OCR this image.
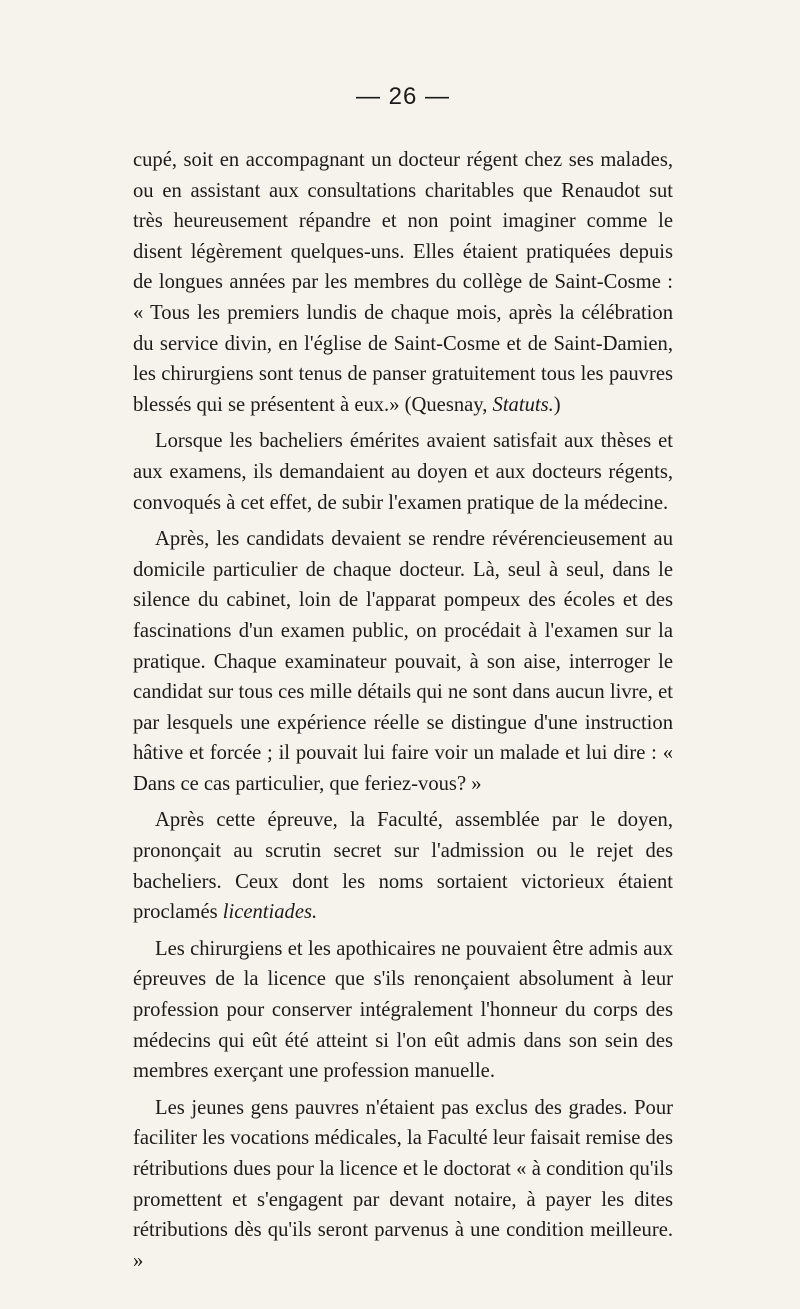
— 26 —

cupé, soit en accompagnant un docteur régent chez ses malades, ou en assistant aux consultations charitables que Renaudot sut très heureusement répandre et non point imaginer comme le disent légèrement quelques-uns. Elles étaient pratiquées depuis de longues années par les membres du collège de Saint-Cosme : « Tous les premiers lundis de chaque mois, après la célébration du service divin, en l'église de Saint-Cosme et de Saint-Damien, les chirurgiens sont tenus de panser gratuitement tous les pauvres blessés qui se présentent à eux.» (Quesnay, Statuts.)

Lorsque les bacheliers émérites avaient satisfait aux thèses et aux examens, ils demandaient au doyen et aux docteurs régents, convoqués à cet effet, de subir l'examen pratique de la médecine.

Après, les candidats devaient se rendre révérencieusement au domicile particulier de chaque docteur. Là, seul à seul, dans le silence du cabinet, loin de l'apparat pompeux des écoles et des fascinations d'un examen public, on procédait à l'examen sur la pratique. Chaque examinateur pouvait, à son aise, interroger le candidat sur tous ces mille détails qui ne sont dans aucun livre, et par lesquels une expérience réelle se distingue d'une instruction hâtive et forcée ; il pouvait lui faire voir un malade et lui dire : « Dans ce cas particulier, que feriez-vous? »

Après cette épreuve, la Faculté, assemblée par le doyen, prononçait au scrutin secret sur l'admission ou le rejet des bacheliers. Ceux dont les noms sortaient victorieux étaient proclamés licentiades.

Les chirurgiens et les apothicaires ne pouvaient être admis aux épreuves de la licence que s'ils renonçaient absolument à leur profession pour conserver intégralement l'honneur du corps des médecins qui eût été atteint si l'on eût admis dans son sein des membres exerçant une profession manuelle.

Les jeunes gens pauvres n'étaient pas exclus des grades. Pour faciliter les vocations médicales, la Faculté leur faisait remise des rétributions dues pour la licence et le doctorat « à condition qu'ils promettent et s'engagent par devant notaire, à payer les dites rétributions dès qu'ils seront parvenus à une condition meilleure. »
